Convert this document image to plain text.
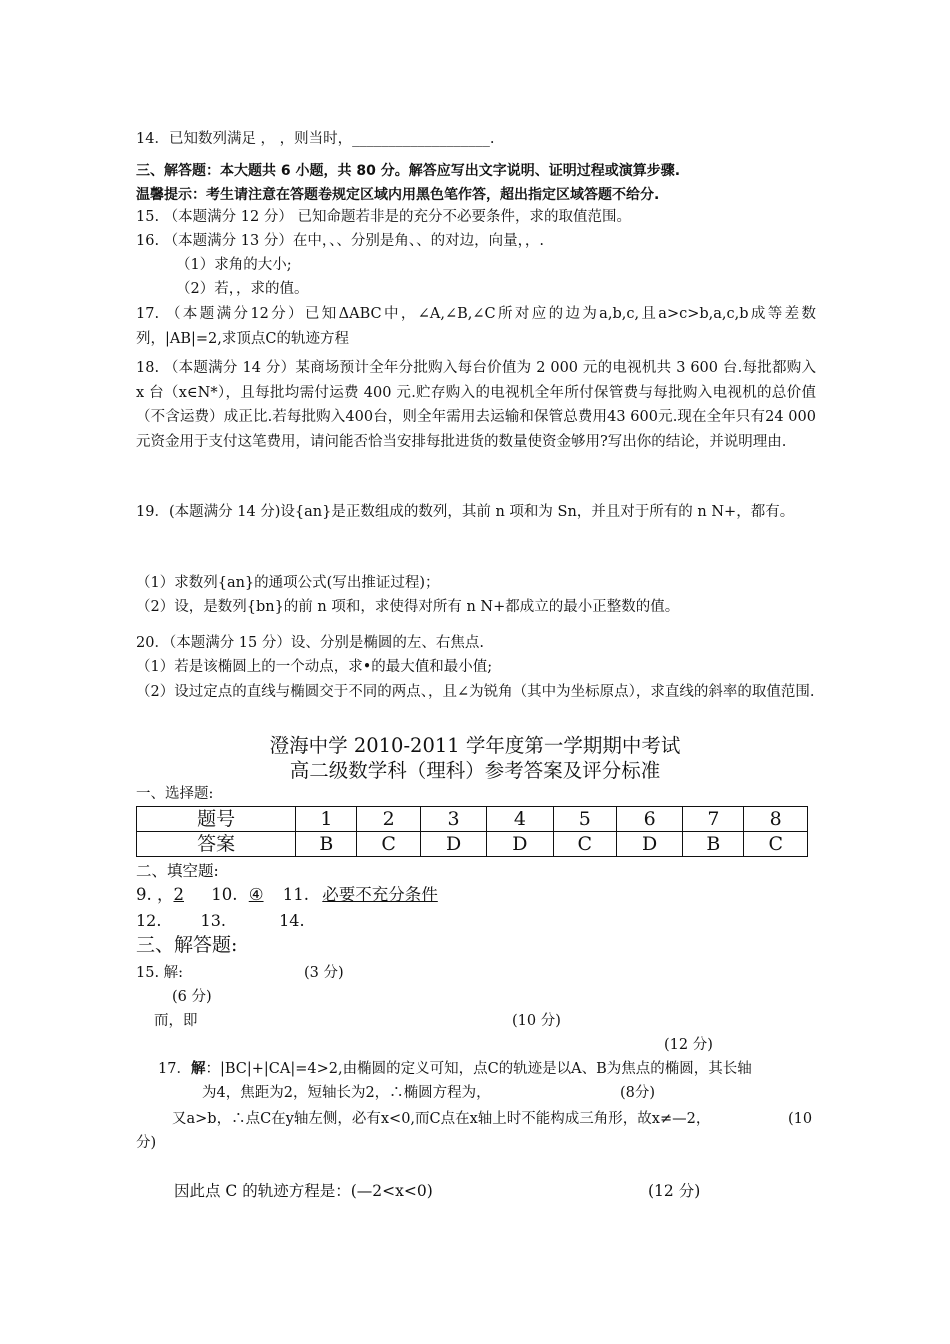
14．已知数列满足 ， ，则当时，___________________.
三、解答题：本大题共 6 小题，共 80 分。解答应写出文字说明、证明过程或演算步骤.
温馨提示：考生请注意在答题卷规定区域内用黑色笔作答，超出指定区域答题不给分.
15. （本题满分 12 分） 已知命题若非是的充分不必要条件，求的取值范围。
16. （本题满分 13 分）在中，、、分别是角、、的对边，向量，，.
（1）求角的大小;
（2）若，，求的值。
17. （本题满分12分）已知ΔABC中，∠A,∠B,∠C所对应的边为a,b,c,且a>c>b,a,c,b成等差数列，|AB|=2,求顶点C的轨迹方程
18. （本题满分 14 分）某商场预计全年分批购入每台价值为 2 000 元的电视机共 3 600 台.每批都购入 x 台（x∈N*），且每批均需付运费 400 元.贮存购入的电视机全年所付保管费与每批购入电视机的总价值（不含运费）成正比.若每批购入400台，则全年需用去运输和保管总费用43 600元.现在全年只有24 000元资金用于支付这笔费用，请问能否恰当安排每批进货的数量使资金够用?写出你的结论，并说明理由.
19．(本题满分 14 分)设{an}是正数组成的数列，其前 n 项和为 Sn，并且对于所有的 n N+，都有。
（1）求数列{an}的通项公式(写出推证过程)；
（2）设，是数列{bn}的前 n 项和，求使得对所有 n N+都成立的最小正整数的值。
20．（本题满分 15 分）设、分别是椭圆的左、右焦点.
（1）若是该椭圆上的一个动点，求•的最大值和最小值;
（2）设过定点的直线与椭圆交于不同的两点、，且∠为锐角（其中为坐标原点），求直线的斜率的取值范围.
澄海中学 2010-2011 学年度第一学期期中考试
高二级数学科（理科）参考答案及评分标准
一、选择题:
题号	1	2	3	4	5	6	7	8
答案	B	C	D	D	C	D	B	C
二、填空题:
9. ，2 10. ④ 11. 必要不充分条件
12. 13.	14.
三、解答题:
15. 解:	(3 分)
(6 分)
而，即	(10 分)
(12 分)
17．解：|BC|+|CA|=4>2,由椭圆的定义可知，点C的轨迹是以A、B为焦点的椭圆，其长轴
为4，焦距为2，短轴长为2，∴椭圆方程为，	(8分)
又a>b，∴点C在y轴左侧，必有x<0,而C点在x轴上时不能构成三角形，故x≠—2，	(10
分)
因此点 C 的轨迹方程是：(—2<x<0)	(12 分)
